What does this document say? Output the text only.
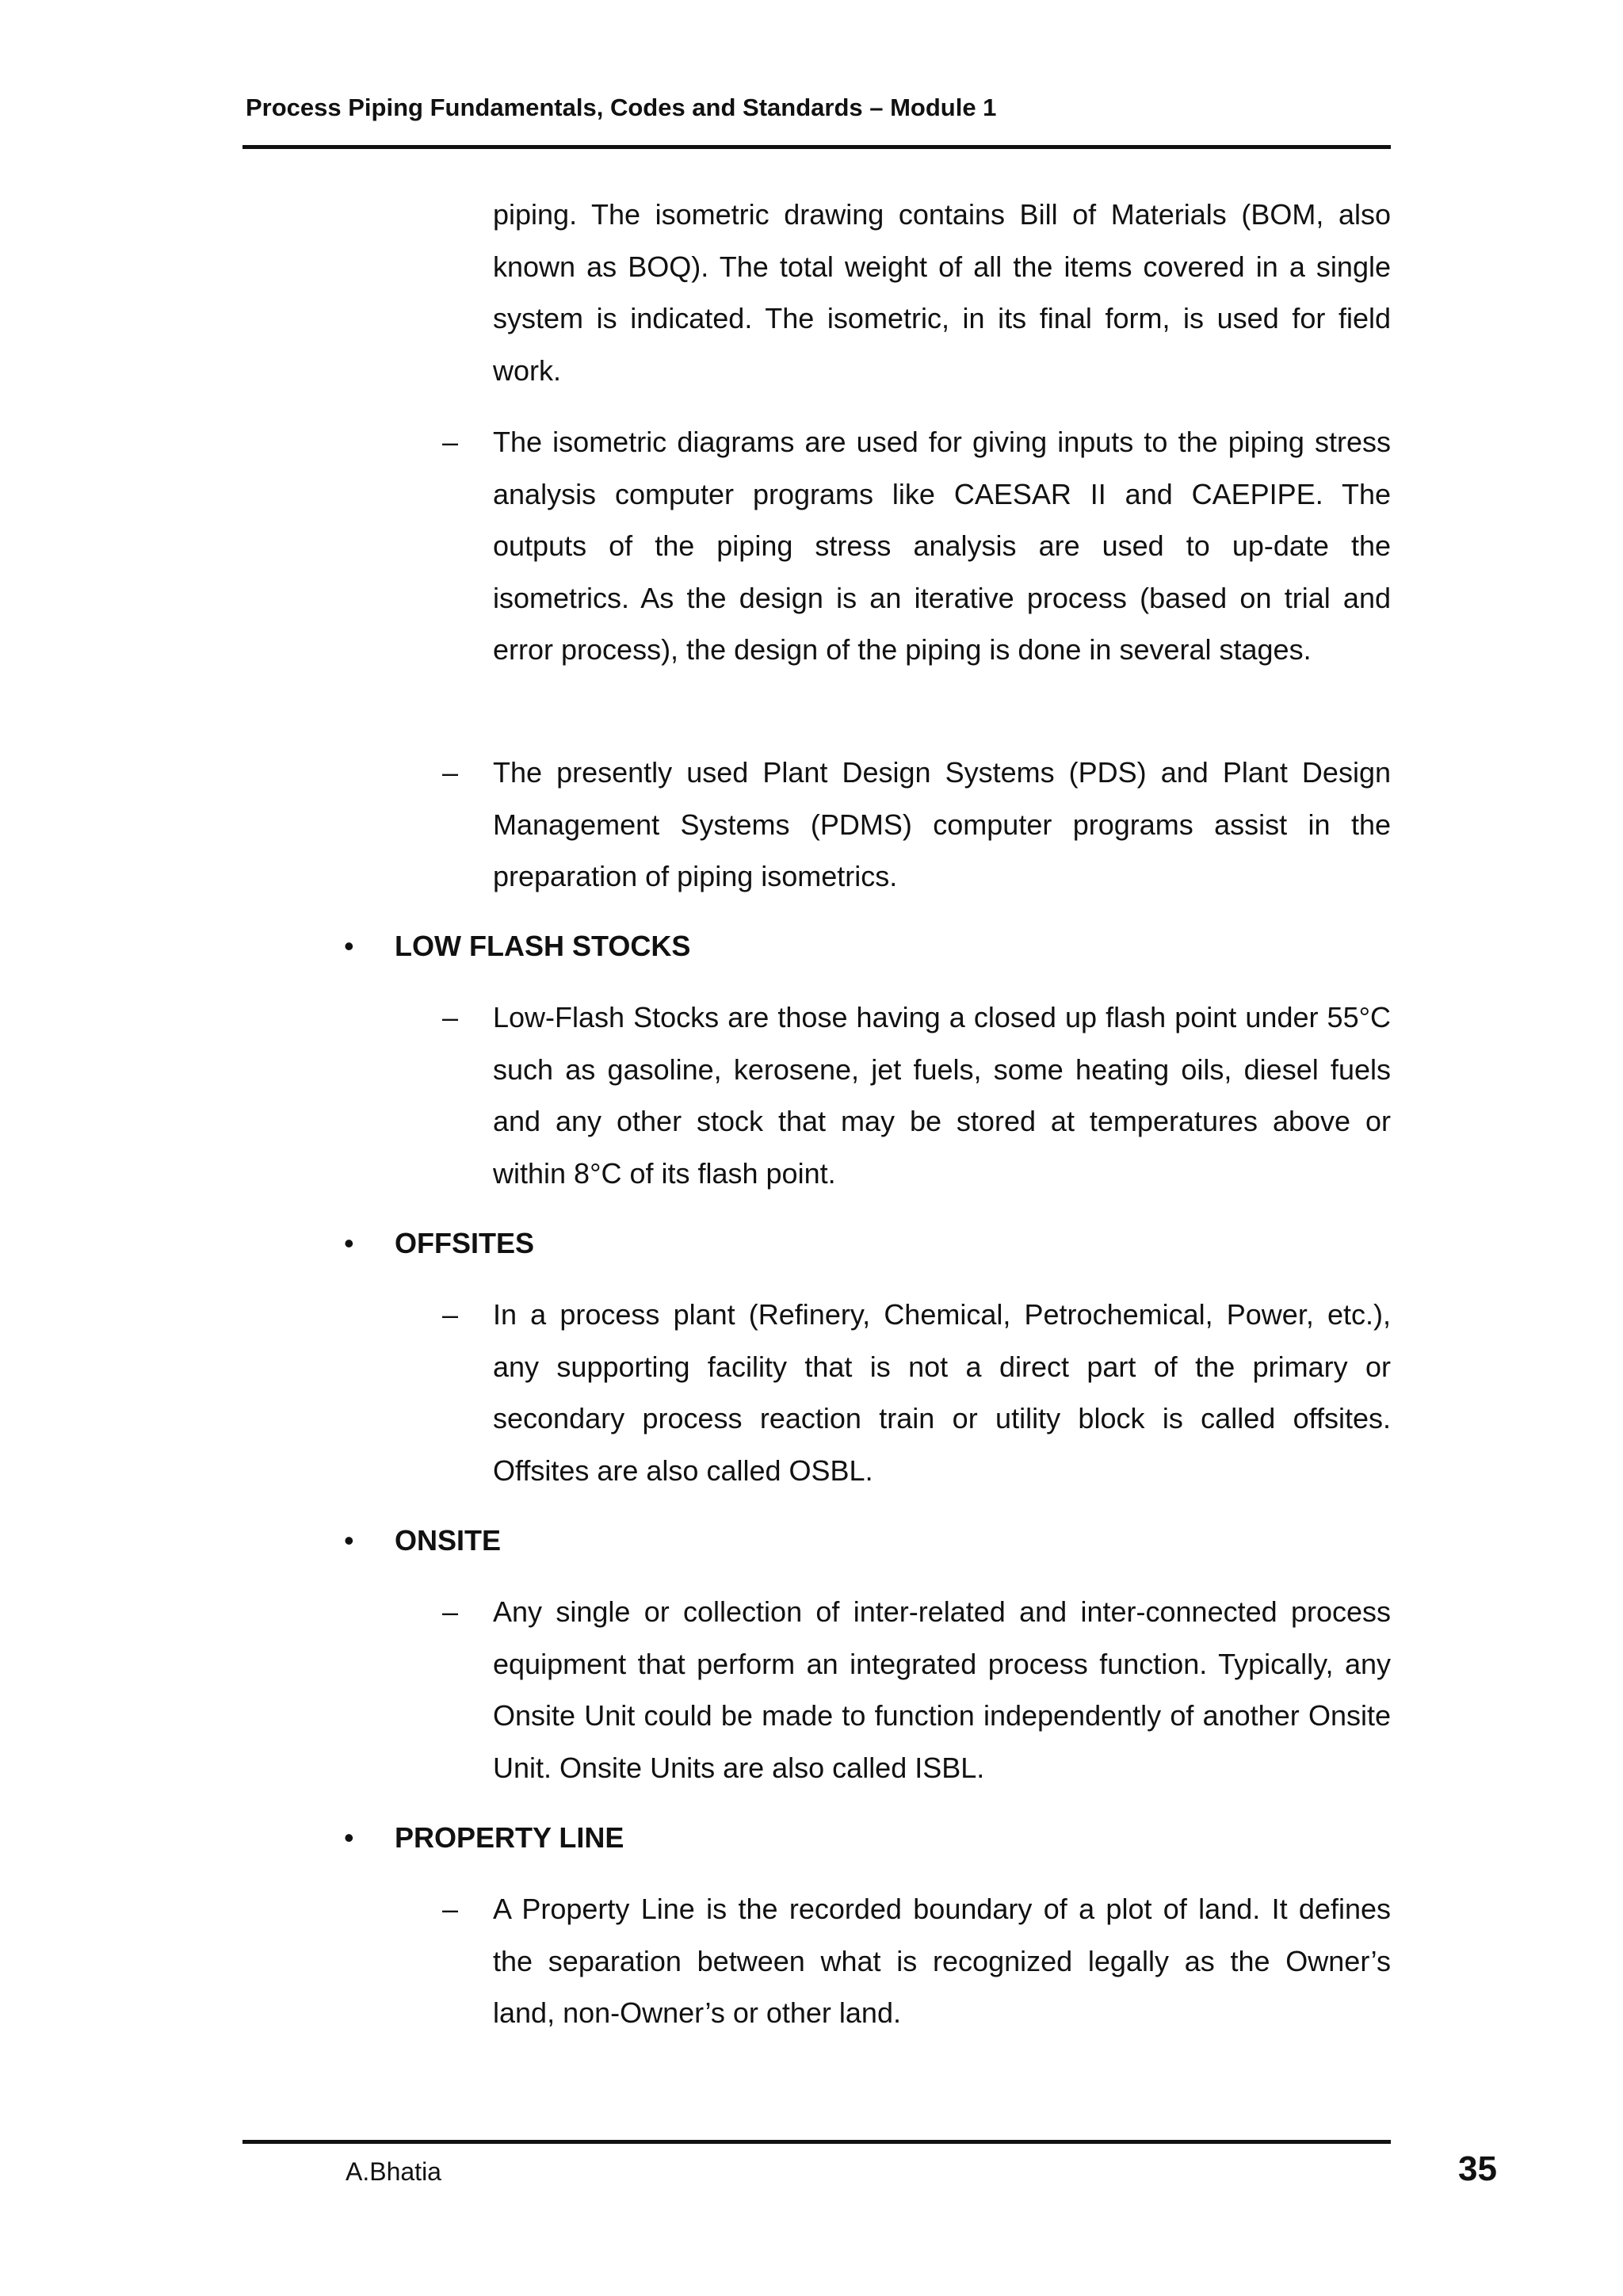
Process Piping Fundamentals, Codes and Standards – Module 1
piping. The isometric drawing contains Bill of Materials (BOM, also known as BOQ). The total weight of all the items covered in a single system is indicated. The isometric, in its final form, is used for field work.
– The isometric diagrams are used for giving inputs to the piping stress analysis computer programs like CAESAR II and CAEPIPE. The outputs of the piping stress analysis are used to up-date the isometrics. As the design is an iterative process (based on trial and error process), the design of the piping is done in several stages.
– The presently used Plant Design Systems (PDS) and Plant Design Management Systems (PDMS) computer programs assist in the preparation of piping isometrics.
• LOW FLASH STOCKS
– Low-Flash Stocks are those having a closed up flash point under 55°C such as gasoline, kerosene, jet fuels, some heating oils, diesel fuels and any other stock that may be stored at temperatures above or within 8°C of its flash point.
• OFFSITES
– In a process plant (Refinery, Chemical, Petrochemical, Power, etc.), any supporting facility that is not a direct part of the primary or secondary process reaction train or utility block is called offsites. Offsites are also called OSBL.
• ONSITE
– Any single or collection of inter-related and inter-connected process equipment that perform an integrated process function. Typically, any Onsite Unit could be made to function independently of another Onsite Unit. Onsite Units are also called ISBL.
• PROPERTY LINE
– A Property Line is the recorded boundary of a plot of land. It defines the separation between what is recognized legally as the Owner’s land, non-Owner’s or other land.
A.Bhatia	35
